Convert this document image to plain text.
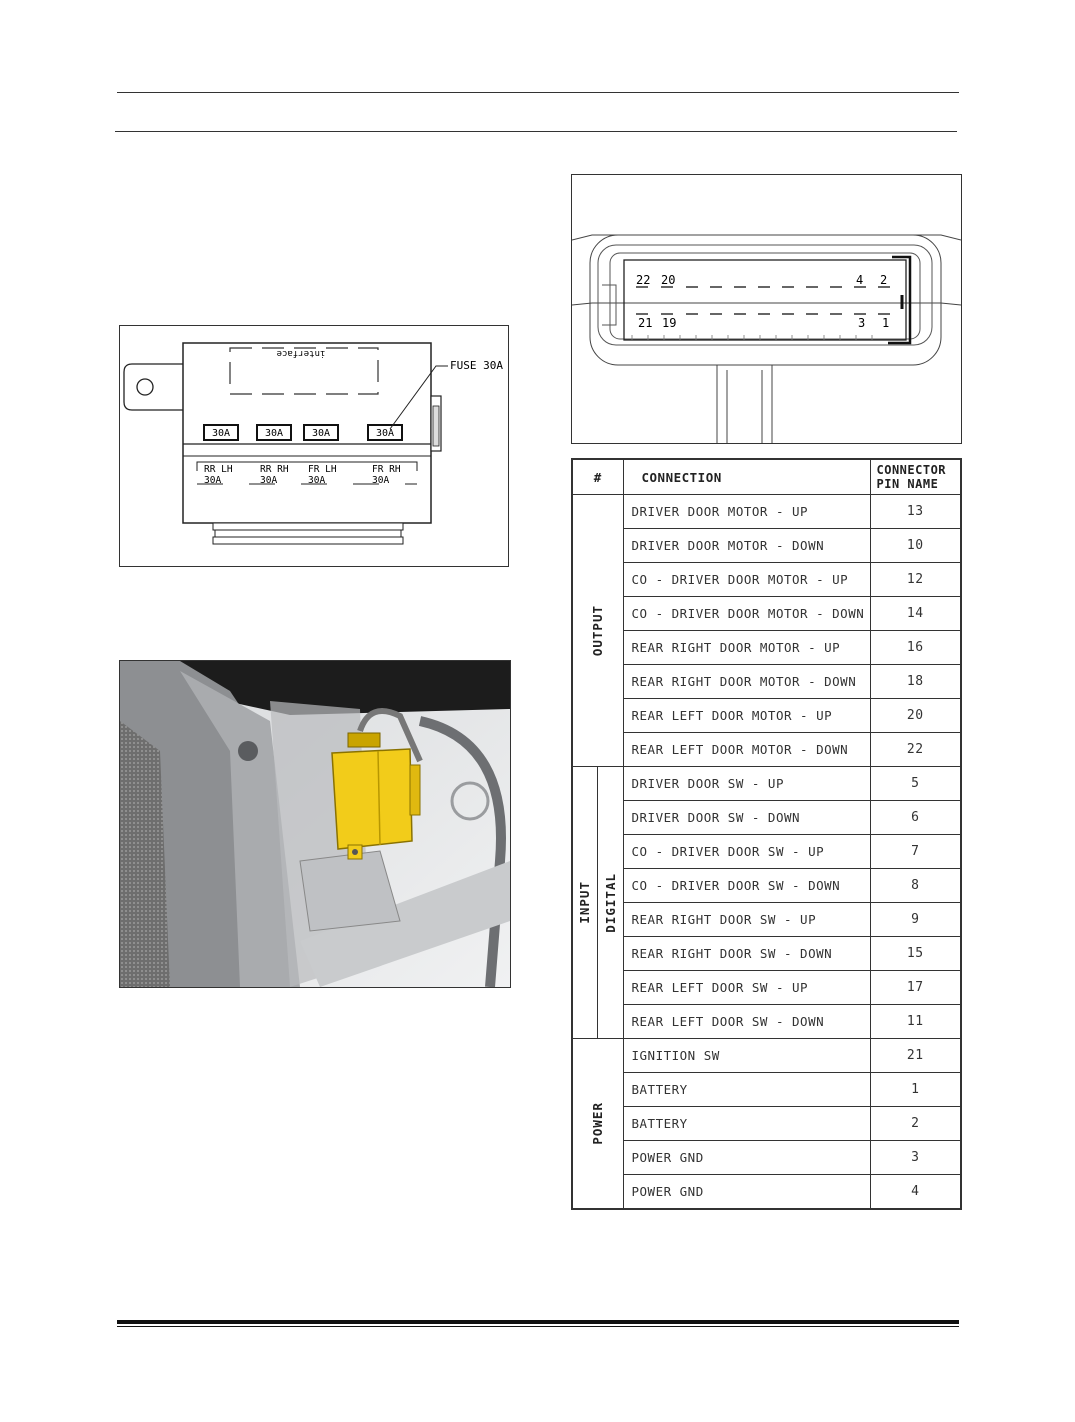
interface
30A	30A	30A	30A
FUSE 30A
RR LH
30A
RR RH
30A
FR LH
30A
FR RH
30A
22 20	4 2
21 19	3 1
#		CONNECTION	CONNECTOR PIN NAME

OUTPUT		DRIVER DOOR MOTOR - UP	13
		DRIVER DOOR MOTOR - DOWN	10
		CO - DRIVER DOOR MOTOR - UP	12
		CO - DRIVER DOOR MOTOR - DOWN	14
		REAR RIGHT DOOR MOTOR - UP	16
		REAR RIGHT DOOR MOTOR - DOWN	18
		REAR LEFT DOOR MOTOR - UP	20
		REAR LEFT DOOR MOTOR - DOWN	22

INPUT	DIGITAL	DRIVER DOOR SW - UP	5
		DRIVER DOOR SW - DOWN	6
		CO - DRIVER DOOR SW - UP	7
		CO - DRIVER DOOR SW - DOWN	8
		REAR RIGHT DOOR SW - UP	9
		REAR RIGHT DOOR SW - DOWN	15
		REAR LEFT DOOR SW - UP	17
		REAR LEFT DOOR SW - DOWN	11

POWER		IGNITION SW	21
		BATTERY	1
		BATTERY	2
		POWER GND	3
		POWER GND	4
